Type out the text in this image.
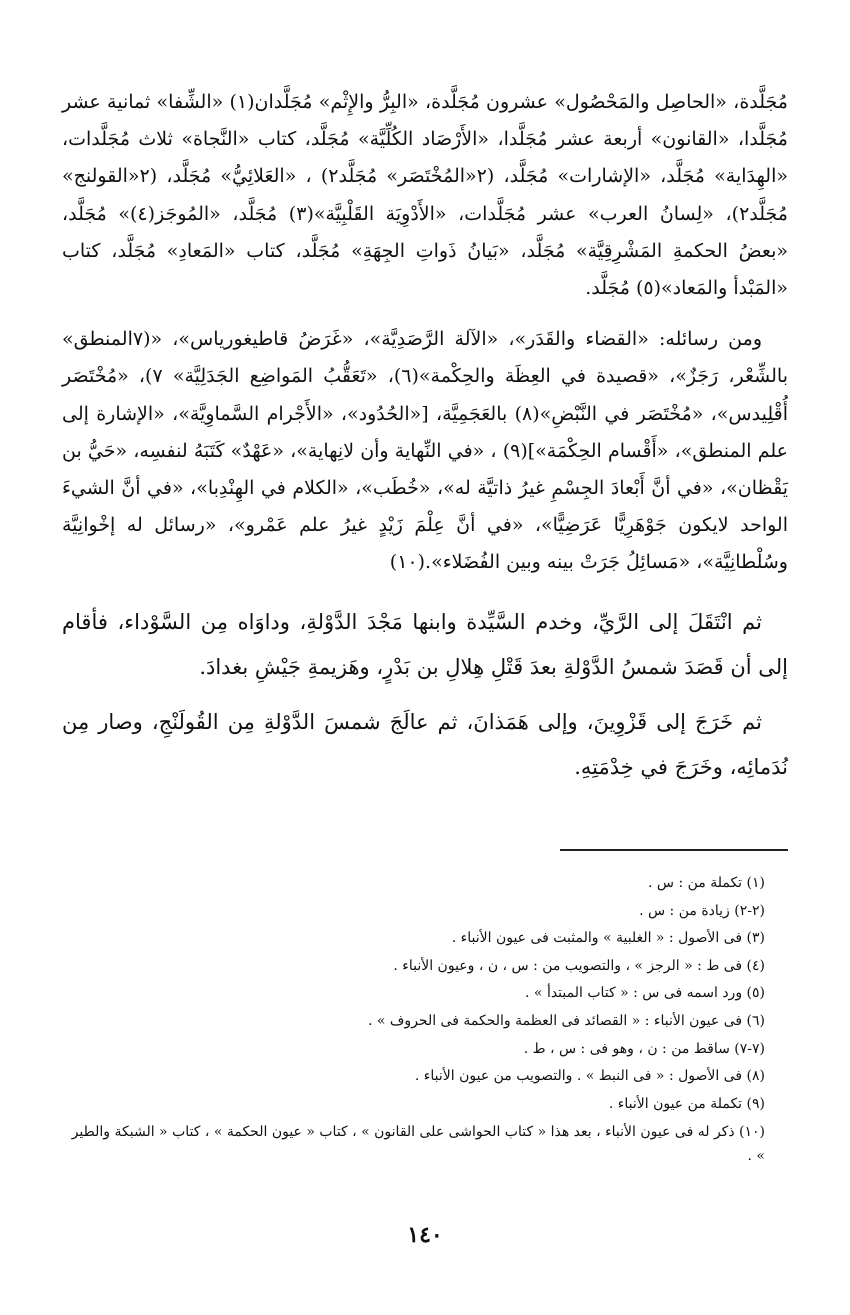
مُجَلَّدة، «الحاصِل والمَحْصُول» عشرون مُجَلَّدة، «البِرُّ والإِثْم» مُجَلَّدان(١) «الشِّفا» ثمانية عشر مُجَلَّدا، «القانون» أربعة عشر مُجَلَّدا، «الأَرْصَاد الكُلِّيَّة» مُجَلَّد، كتاب «النَّجاة» ثلاث مُجَلَّدات، «الهِدَاية» مُجَلَّد، «الإشارات» مُجَلَّد، (٢«المُخْتَصَر» مُجَلَّد٢) ، «العَلائِيُّ» مُجَلَّد، (٢«القولنج» مُجَلَّد٢)، «لِسانُ العرب» عشر مُجَلَّدات، «الأَدْوِيَة القَلْبِيَّة»(٣) مُجَلَّد، «المُوجَز(٤)» مُجَلَّد، «بعضُ الحكمةِ المَشْرِقِيَّة» مُجَلَّد، «بَيانُ ذَواتِ الجِهَةِ» مُجَلَّد، كتاب «المَعادِ» مُجَلَّد، كتاب «المَبْدأ والمَعاد»(٥) مُجَلَّد.

ومن رسائله: «القضاء والقَدَر»، «الآلة الرَّصَدِيَّة»، «غَرَضُ قاطيغورياس»، «(٧المنطق» بالشِّعْر، رَجَزٌ»، «قصيدة في العِظَة والحِكْمة»(٦)، «تَعَقُّبُ المَواضِع الجَدَلِيَّة» ٧)، «مُخْتَصَر أُقْلِيدس»، «مُخْتَصَر في النَّبْضِ»(٨) بالعَجَمِيَّة، [«الحُدُود»، «الأَجْرام السَّماوِيَّة»، «الإشارة إلى علم المنطق»، «أَقْسام الحِكْمَة»](٩) ، «في النِّهاية وأن لانِهاية»، «عَهْدٌ» كَتَبَهُ لنفسِه، «حَيُّ بن يَقْظان»، «في أنَّ أَبْعادَ الجِسْمِ غيرُ ذاتيَّة له»، «خُطَب»، «الكلام في الهِنْدِبا»، «في أنَّ الشيءَ الواحد لايكون جَوْهَرِيًّا عَرَضِيًّا»، «في أنَّ عِلْمَ زَيْدٍ غيرُ علم عَمْرو»، «رسائل له إخْوانِيَّة وسُلْطانِيَّة»، «مَسائِلُ جَرَتْ بينه وبين الفُضَلاء».(١٠)

ثم انْتَقَلَ إلى الرَّيِّ، وخدم السَّيِّدة وابنها مَجْدَ الدَّوْلةِ، وداوَاه مِن السَّوْداء، فأقام إلى أن قَصَدَ شمسُ الدَّوْلةِ بعدَ قَتْلِ هِلالِ بن بَدْرٍ، وهَزيمةِ جَيْشِ بغدادَ.

ثم خَرَجَ إلى قَزْوِينَ، وإلى هَمَذانَ، ثم عالَجَ شمسَ الدَّوْلةِ مِن القُولَنْجِ، وصار مِن نُدَمائِه، وخَرَجَ في خِدْمَتِهِ.

(١) تكملة من : س .
(٢-٢) زيادة من : س .
(٣) فى الأصول : « الغلبية » والمثبت فى عيون الأنباء .
(٤) فى ط : « الرجز » ، والتصويب من : س ، ن ، وعيون الأنباء .
(٥) ورد اسمه فى س : « كتاب المبتدأ » .
(٦) فى عيون الأنباء : « القصائد فى العظمة والحكمة فى الحروف » .
(٧-٧) ساقط من : ن ، وهو فى : س ، ط .
(٨) فى الأصول : « فى النبط » . والتصويب من عيون الأنباء .
(٩) تكملة من عيون الأنباء .
(١٠) ذكر له فى عيون الأنباء ، بعد هذا « كتاب الحواشى على القانون » ، كتاب « عيون الحكمة » ، كتاب « الشبكة والطير » .
١٤٠
